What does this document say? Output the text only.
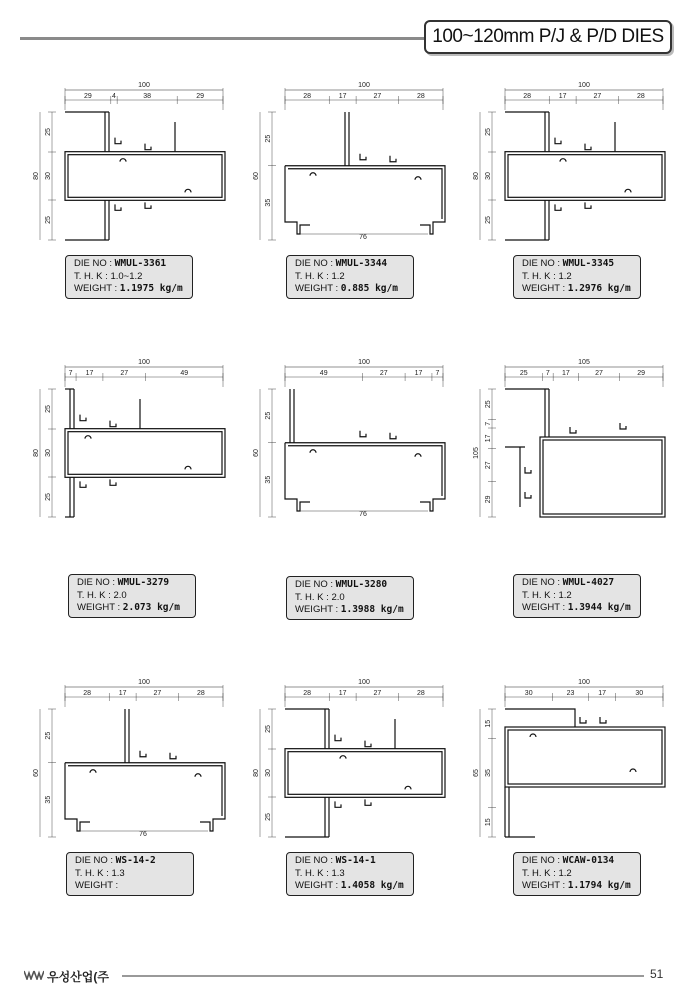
100~120mm P/J & P/D DIES
100
29	4	38	29
80
25
30
25
DIE NO : WMUL-3361
T. H. K : 1.0~1.2
WEIGHT : 1.1975 kg/m
100
28	17	27	28
60
25
35
76
DIE NO : WMUL-3344
T. H. K : 1.2
WEIGHT : 0.885 kg/m
100
28	17	27	28
80
25
30
25
DIE NO : WMUL-3345
T. H. K : 1.2
WEIGHT : 1.2976 kg/m
100
7 17	27	49
80
25
30
25
DIE NO : WMUL-3279
T. H. K : 2.0
WEIGHT : 2.073 kg/m
100
49	27	17 7
60
25
35
76
DIE NO : WMUL-3280
T. H. K : 2.0
WEIGHT : 1.3988 kg/m
105
25	7 17	27	29
105
25
7
17
27
29
DIE NO : WMUL-4027
T. H. K : 1.2
WEIGHT : 1.3944 kg/m
100
28	17	27	28
60
25
35
76
DIE NO : WS-14-2
T. H. K : 1.3
WEIGHT :
100
28	17	27	28
80
25
30
25
DIE NO : WS-14-1
T. H. K : 1.3
WEIGHT : 1.4058 kg/m
100
30	23	17	30
65
15
35
15
DIE NO : WCAW-0134
T. H. K : 1.2
WEIGHT : 1.1794 kg/m
우성산업(주	51
